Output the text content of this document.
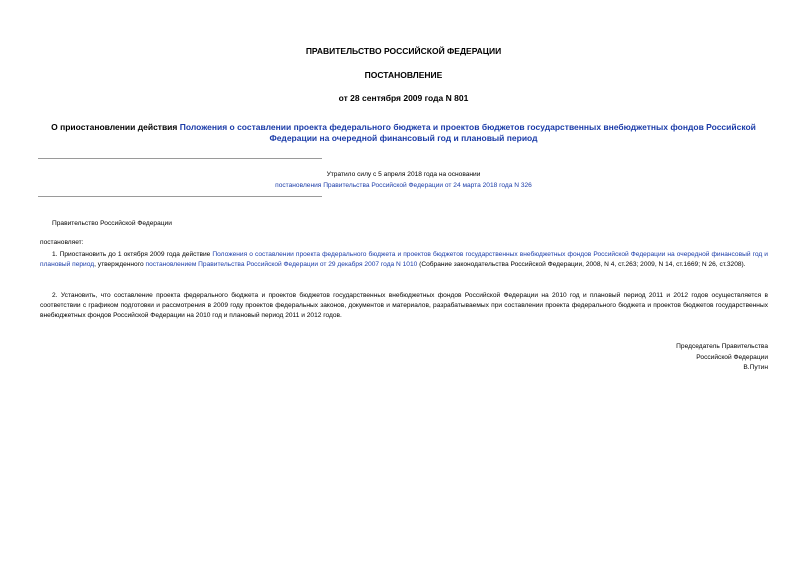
ПРАВИТЕЛЬСТВО РОССИЙСКОЙ ФЕДЕРАЦИИ
ПОСТАНОВЛЕНИЕ
от 28 сентября 2009 года N 801
О приостановлении действия Положения о составлении проекта федерального бюджета и проектов бюджетов государственных внебюджетных фондов Российской Федерации на очередной финансовый год и плановый период
Утратило силу с 5 апреля 2018 года на основании
постановления Правительства Российской Федерации от 24 марта 2018 года N 326
Правительство Российской Федерации
постановляет:
1. Приостановить до 1 октября 2009 года действие Положения о составлении проекта федерального бюджета и проектов бюджетов государственных внебюджетных фондов Российской Федерации на очередной финансовый год и плановый период, утвержденного постановлением Правительства Российской Федерации от 29 декабря 2007 года N 1010 (Собрание законодательства Российской Федерации, 2008, N 4, ст.263; 2009, N 14, ст.1669; N 26, ст.3208).
2. Установить, что составление проекта федерального бюджета и проектов бюджетов государственных внебюджетных фондов Российской Федерации на 2010 год и плановый период 2011 и 2012 годов осуществляется в соответствии с графиком подготовки и рассмотрения в 2009 году проектов федеральных законов, документов и материалов, разрабатываемых при составлении проекта федерального бюджета и проектов бюджетов государственных внебюджетных фондов Российской Федерации на 2010 год и плановый период 2011 и 2012 годов.
Председатель Правительства
Российской Федерации
В.Путин
